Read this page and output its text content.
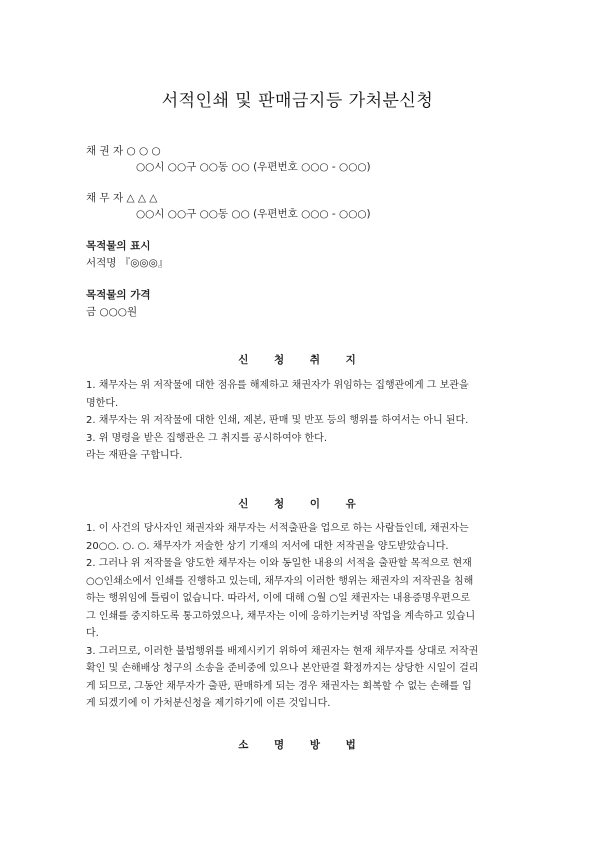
서적인쇄 및 판매금지등 가처분신청
채 권 자 ○ ○ ○
○○시 ○○구 ○○동 ○○ (우편번호 ○○○ - ○○○)
채 무 자 △ △ △
○○시 ○○구 ○○동 ○○ (우편번호 ○○○ - ○○○)
목적물의 표시
서적명 『◎◎◎』
목적물의 가격
금 ○○○원
신 청 취 지
1. 채무자는 위 저작물에 대한 점유를 해제하고 채권자가 위임하는 집행관에게 그 보관을
명한다.
2. 채무자는 위 저작물에 대한 인쇄, 제본, 판매 및 반포 등의 행위를 하여서는 아니 된다.
3. 위 명령을 받은 집행관은 그 취지를 공시하여야 한다.
라는 재판을 구합니다.
신 청 이 유
1. 이 사건의 당사자인 채권자와 채무자는 서적출판을 업으로 하는 사람들인데, 채권자는
20○○. ○. ○. 채무자가 저술한 상기 기재의 저서에 대한 저작권을 양도받았습니다.
2. 그러나 위 저작물을 양도한 채무자는 이와 동일한 내용의 서적을 출판할 목적으로 현재
○○인쇄소에서 인쇄를 진행하고 있는데, 채무자의 이러한 행위는 채권자의 저작권을 침해
하는 행위임에 틀림이 없습니다. 따라서, 이에 대해 ○월 ○일 채권자는 내용증명우편으로
그 인쇄를 중지하도록 통고하였으나, 채무자는 이에 응하기는커녕 작업을 계속하고 있습니
다.
3. 그러므로, 이러한 불법행위를 배제시키기 위하여 채권자는 현재 채무자를 상대로 저작권
확인 및 손해배상 청구의 소송을 준비중에 있으나 본안판결 확정까지는 상당한 시일이 걸리
게 되므로, 그동안 채무자가 출판, 판매하게 되는 경우 채권자는 회복할 수 없는 손해를 입
게 되겠기에 이 가처분신청을 제기하기에 이른 것입니다.
소 명 방 법
